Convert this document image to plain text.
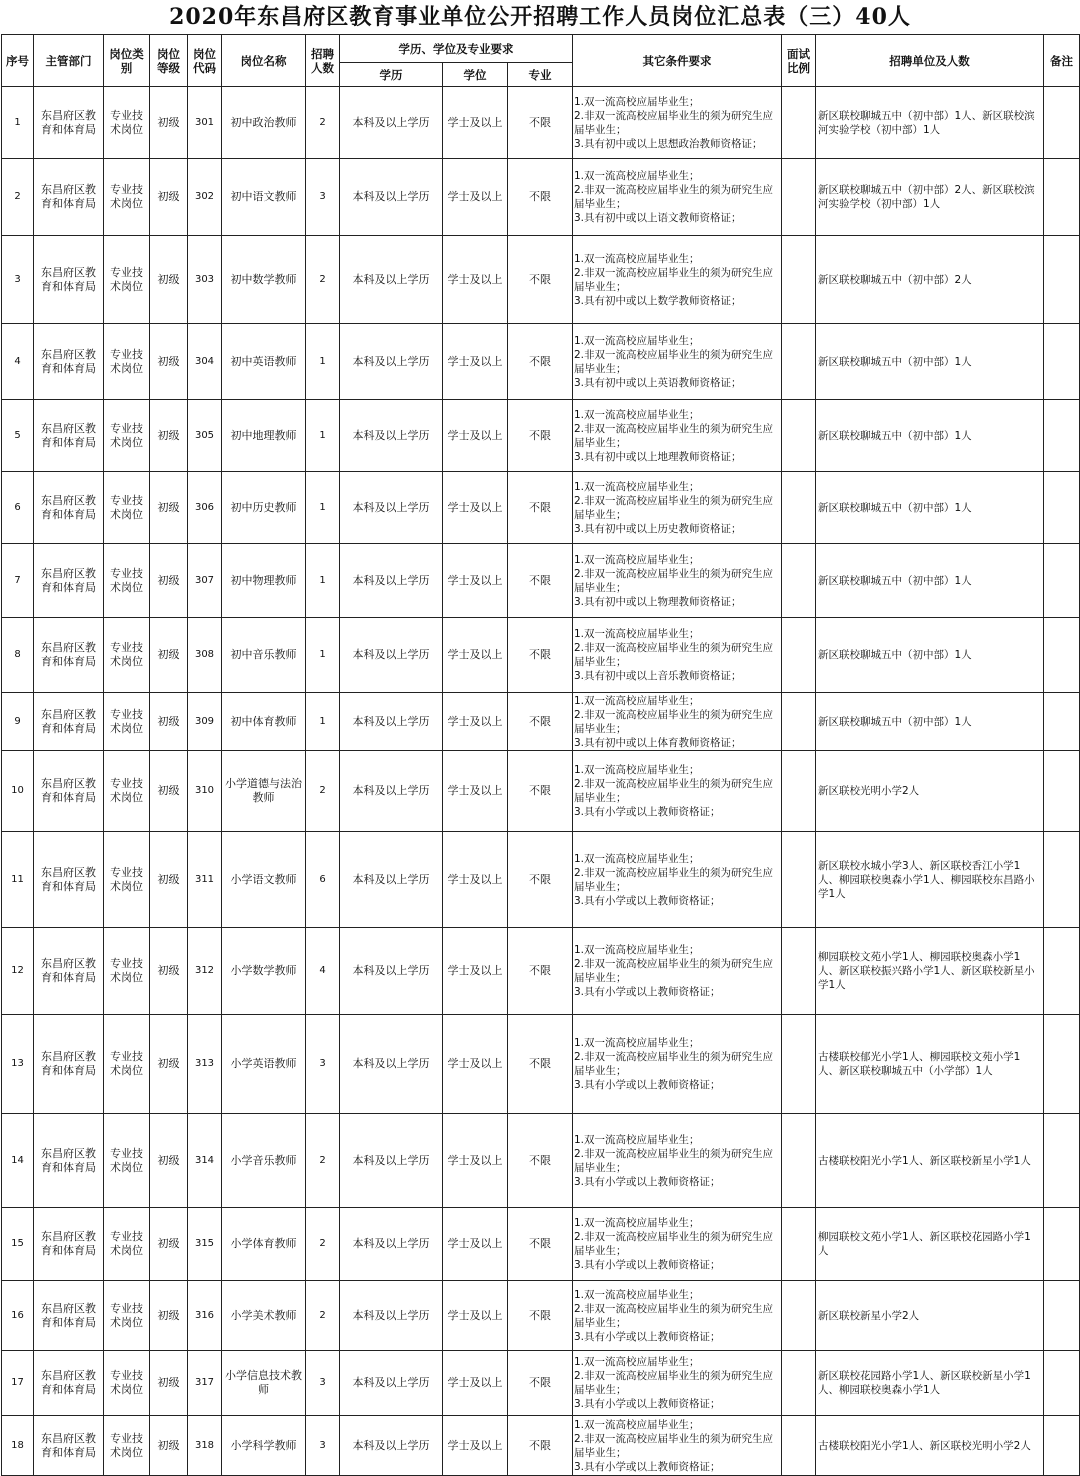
2020年东昌府区教育事业单位公开招聘工作人员岗位汇总表（三）40人
序号	主管部门	岗位类别	岗位等级	岗位代码	岗位名称	招聘人数	学历、学位及专业要求			其它条件要求	面试比例	招聘单位及人数	备注
							学历	学位	专业				
1	东昌府区教育和体育局	专业技术岗位	初级	301	初中政治教师	2	本科及以上学历	学士及以上	不限	1.双一流高校应届毕业生；
2.非双一流高校应届毕业生的须为研究生应届毕业生；
3.具有初中或以上思想政治教师资格证；		新区联校聊城五中（初中部）1人、新区联校滨河实验学校（初中部）1人	
2	东昌府区教育和体育局	专业技术岗位	初级	302	初中语文教师	3	本科及以上学历	学士及以上	不限	1.双一流高校应届毕业生；
2.非双一流高校应届毕业生的须为研究生应届毕业生；
3.具有初中或以上语文教师资格证；		新区联校聊城五中（初中部）2人、新区联校滨河实验学校（初中部）1人	
3	东昌府区教育和体育局	专业技术岗位	初级	303	初中数学教师	2	本科及以上学历	学士及以上	不限	1.双一流高校应届毕业生；
2.非双一流高校应届毕业生的须为研究生应届毕业生；
3.具有初中或以上数学教师资格证；		新区联校聊城五中（初中部）2人	
4	东昌府区教育和体育局	专业技术岗位	初级	304	初中英语教师	1	本科及以上学历	学士及以上	不限	1.双一流高校应届毕业生；
2.非双一流高校应届毕业生的须为研究生应届毕业生；
3.具有初中或以上英语教师资格证；		新区联校聊城五中（初中部）1人	
5	东昌府区教育和体育局	专业技术岗位	初级	305	初中地理教师	1	本科及以上学历	学士及以上	不限	1.双一流高校应届毕业生；
2.非双一流高校应届毕业生的须为研究生应届毕业生；
3.具有初中或以上地理教师资格证；		新区联校聊城五中（初中部）1人	
6	东昌府区教育和体育局	专业技术岗位	初级	306	初中历史教师	1	本科及以上学历	学士及以上	不限	1.双一流高校应届毕业生；
2.非双一流高校应届毕业生的须为研究生应届毕业生；
3.具有初中或以上历史教师资格证；		新区联校聊城五中（初中部）1人	
7	东昌府区教育和体育局	专业技术岗位	初级	307	初中物理教师	1	本科及以上学历	学士及以上	不限	1.双一流高校应届毕业生；
2.非双一流高校应届毕业生的须为研究生应届毕业生；
3.具有初中或以上物理教师资格证；		新区联校聊城五中（初中部）1人	
8	东昌府区教育和体育局	专业技术岗位	初级	308	初中音乐教师	1	本科及以上学历	学士及以上	不限	1.双一流高校应届毕业生；
2.非双一流高校应届毕业生的须为研究生应届毕业生；
3.具有初中或以上音乐教师资格证；		新区联校聊城五中（初中部）1人	
9	东昌府区教育和体育局	专业技术岗位	初级	309	初中体育教师	1	本科及以上学历	学士及以上	不限	1.双一流高校应届毕业生；
2.非双一流高校应届毕业生的须为研究生应届毕业生；
3.具有初中或以上体育教师资格证；		新区联校聊城五中（初中部）1人	
10	东昌府区教育和体育局	专业技术岗位	初级	310	小学道德与法治教师	2	本科及以上学历	学士及以上	不限	1.双一流高校应届毕业生；
2.非双一流高校应届毕业生的须为研究生应届毕业生；
3.具有小学或以上教师资格证；		新区联校光明小学2人	
11	东昌府区教育和体育局	专业技术岗位	初级	311	小学语文教师	6	本科及以上学历	学士及以上	不限	1.双一流高校应届毕业生；
2.非双一流高校应届毕业生的须为研究生应届毕业生；
3.具有小学或以上教师资格证；		新区联校水城小学3人、新区联校香江小学1人、柳园联校奥森小学1人、柳园联校东昌路小学1人	
12	东昌府区教育和体育局	专业技术岗位	初级	312	小学数学教师	4	本科及以上学历	学士及以上	不限	1.双一流高校应届毕业生；
2.非双一流高校应届毕业生的须为研究生应届毕业生；
3.具有小学或以上教师资格证；		柳园联校文苑小学1人、柳园联校奥森小学1人、新区联校振兴路小学1人、新区联校新星小学1人	
13	东昌府区教育和体育局	专业技术岗位	初级	313	小学英语教师	3	本科及以上学历	学士及以上	不限	1.双一流高校应届毕业生；
2.非双一流高校应届毕业生的须为研究生应届毕业生；
3.具有小学或以上教师资格证；		古楼联校郁光小学1人、柳园联校文苑小学1人、新区联校聊城五中（小学部）1人	
14	东昌府区教育和体育局	专业技术岗位	初级	314	小学音乐教师	2	本科及以上学历	学士及以上	不限	1.双一流高校应届毕业生；
2.非双一流高校应届毕业生的须为研究生应届毕业生；
3.具有小学或以上教师资格证；		古楼联校阳光小学1人、新区联校新星小学1人	
15	东昌府区教育和体育局	专业技术岗位	初级	315	小学体育教师	2	本科及以上学历	学士及以上	不限	1.双一流高校应届毕业生；
2.非双一流高校应届毕业生的须为研究生应届毕业生；
3.具有小学或以上教师资格证；		柳园联校文苑小学1人、新区联校花园路小学1人	
16	东昌府区教育和体育局	专业技术岗位	初级	316	小学美术教师	2	本科及以上学历	学士及以上	不限	1.双一流高校应届毕业生；
2.非双一流高校应届毕业生的须为研究生应届毕业生；
3.具有小学或以上教师资格证；		新区联校新星小学2人	
17	东昌府区教育和体育局	专业技术岗位	初级	317	小学信息技术教师	3	本科及以上学历	学士及以上	不限	1.双一流高校应届毕业生；
2.非双一流高校应届毕业生的须为研究生应届毕业生；
3.具有小学或以上教师资格证；		新区联校花园路小学1人、新区联校新星小学1人、柳园联校奥森小学1人	
18	东昌府区教育和体育局	专业技术岗位	初级	318	小学科学教师	3	本科及以上学历	学士及以上	不限	1.双一流高校应届毕业生；
2.非双一流高校应届毕业生的须为研究生应届毕业生；
3.具有小学或以上教师资格证；		古楼联校阳光小学1人、新区联校光明小学2人	
